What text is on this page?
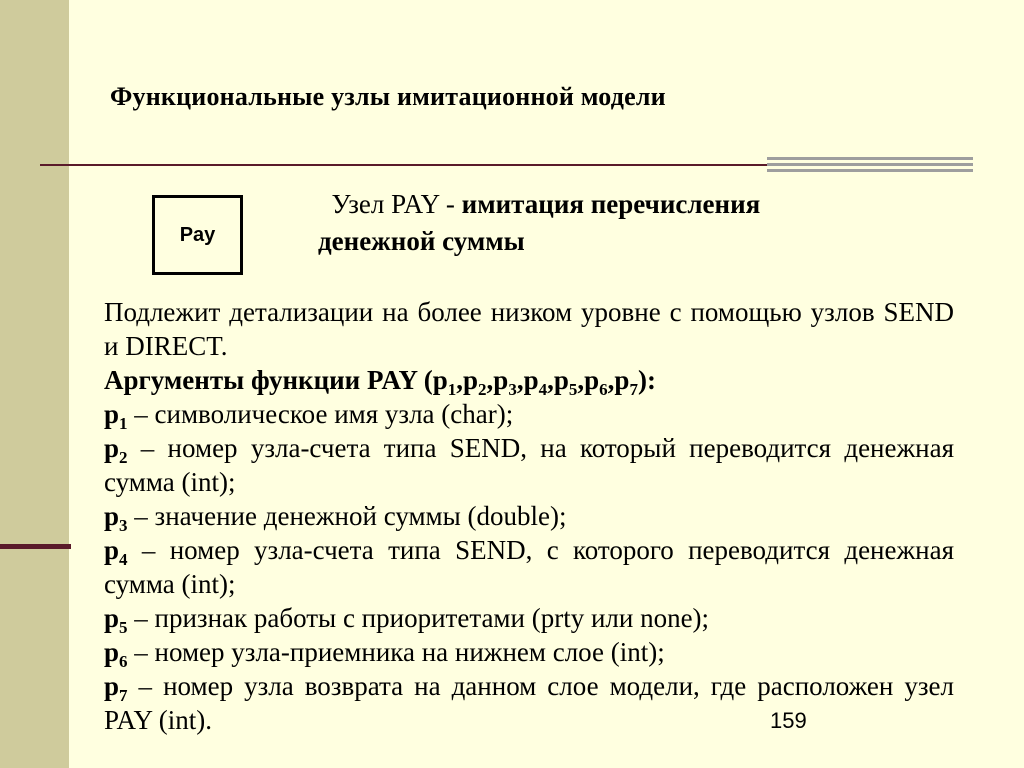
Функциональные узлы имитационной модели
Pay
Узел PAY - имитация перечисления
денежной суммы

Подлежит детализации на более низком уровне с помощью узлов SEND и DIRECT.

Аргументы функции PAY $(p_1,p_2,p_3,p_4,p_5,p_6,p_7)$:

$p_1$ – символическое имя узла (char);

$p_2$ – номер узла-счета типа SEND, на который переводится денежная сумма (int);

$p_3$ – значение денежной суммы (double);

$p_4$ – номер узла-счета типа SEND, с которого переводится денежная сумма (int);

$p_5$ – признак работы с приоритетами (prty или none);

$p_6$ – номер узла-приемника на нижнем слое (int);

$p_7$ – номер узла возврата на данном слое модели, где расположен узел PAY (int).	159
